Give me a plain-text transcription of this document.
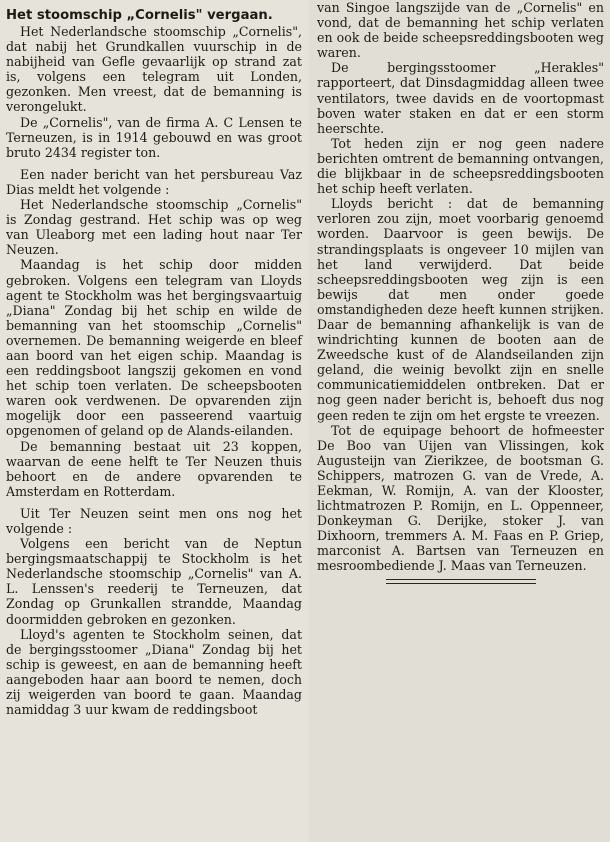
Het stoomschip „Cornelis" vergaan.

Het Nederlandsche stoomschip „Cornelis", dat nabij het Grundkallen vuurschip in de nabijheid van Gefle gevaarlijk op strand zat is, volgens een telegram uit Londen, gezonken. Men vreest, dat de bemanning is verongelukt.

De „Cornelis", van de firma A. C Lensen te Terneuzen, is in 1914 gebouwd en was groot bruto 2434 register ton.

Een nader bericht van het persbureau Vaz Dias meldt het volgende :

Het Nederlandsche stoomschip „Cornelis" is Zondag gestrand. Het schip was op weg van Uleaborg met een lading hout naar Ter Neuzen.

Maandag is het schip door midden gebroken. Volgens een telegram van Lloyds agent te Stockholm was het bergingsvaartuig „Diana" Zondag bij het schip en wilde de bemanning van het stoomschip „Cornelis" overnemen. De bemanning weigerde en bleef aan boord van het eigen schip. Maandag is een reddingsboot langszij gekomen en vond het schip toen verlaten. De scheepsbooten waren ook verdwenen. De opvarenden zijn mogelijk door een passeerend vaartuig opgenomen of geland op de Alands-eilanden.

De bemanning bestaat uit 23 koppen, waarvan de eene helft te Ter Neuzen thuis behoort en de andere opvarenden te Amsterdam en Rotterdam.

Uit Ter Neuzen seint men ons nog het volgende :

Volgens een bericht van de Neptun bergingsmaatschappij te Stockholm is het Nederlandsche stoomschip „Cornelis" van A. L. Lenssen's reederij te Terneuzen, dat Zondag op Grunkallen strandde, Maandag doormidden gebroken en gezonken.

Lloyd's agenten te Stockholm seinen, dat de bergingsstoomer „Diana" Zondag bij het schip is geweest, en aan de bemanning heeft aangeboden haar aan boord te nemen, doch zij weigerden van boord te gaan. Maandag namiddag 3 uur kwam de reddingsboot

van Singoe langszijde van de „Cornelis" en vond, dat de bemanning het schip verlaten en ook de beide scheepsreddingsbooten weg waren.

De bergingsstoomer „Herakles" rapporteert, dat Dinsdagmiddag alleen twee ventilators, twee davids en de voortopmast boven water staken en dat er een storm heerschte.

Tot heden zijn er nog geen nadere berichten omtrent de bemanning ontvangen, die blijkbaar in de scheepsreddingsbooten het schip heeft verlaten.

Lloyds bericht : dat de bemanning verloren zou zijn, moet voorbarig genoemd worden. Daarvoor is geen bewijs. De strandingsplaats is ongeveer 10 mijlen van het land verwijderd. Dat beide scheepsreddingsbooten weg zijn is een bewijs dat men onder goede omstandigheden deze heeft kunnen strijken. Daar de bemanning afhankelijk is van de windrichting kunnen de booten aan de Zweedsche kust of de Alandseilanden zijn geland, die weinig bevolkt zijn en snelle communicatiemiddelen ontbreken. Dat er nog geen nader bericht is, behoeft dus nog geen reden te zijn om het ergste te vreezen.

Tot de equipage behoort de hofmeester De Boo van Uijen van Vlissingen, kok Augusteijn van Zierikzee, de bootsman G. Schippers, matrozen G. van de Vrede, A. Eekman, W. Romijn, A. van der Klooster, lichtmatrozen P. Romijn, en L. Oppenneer, Donkeyman G. Derijke, stoker J. van Dixhoorn, tremmers A. M. Faas en P. Griep, marconist A. Bartsen van Terneuzen en mesroombediende J. Maas van Terneuzen.
